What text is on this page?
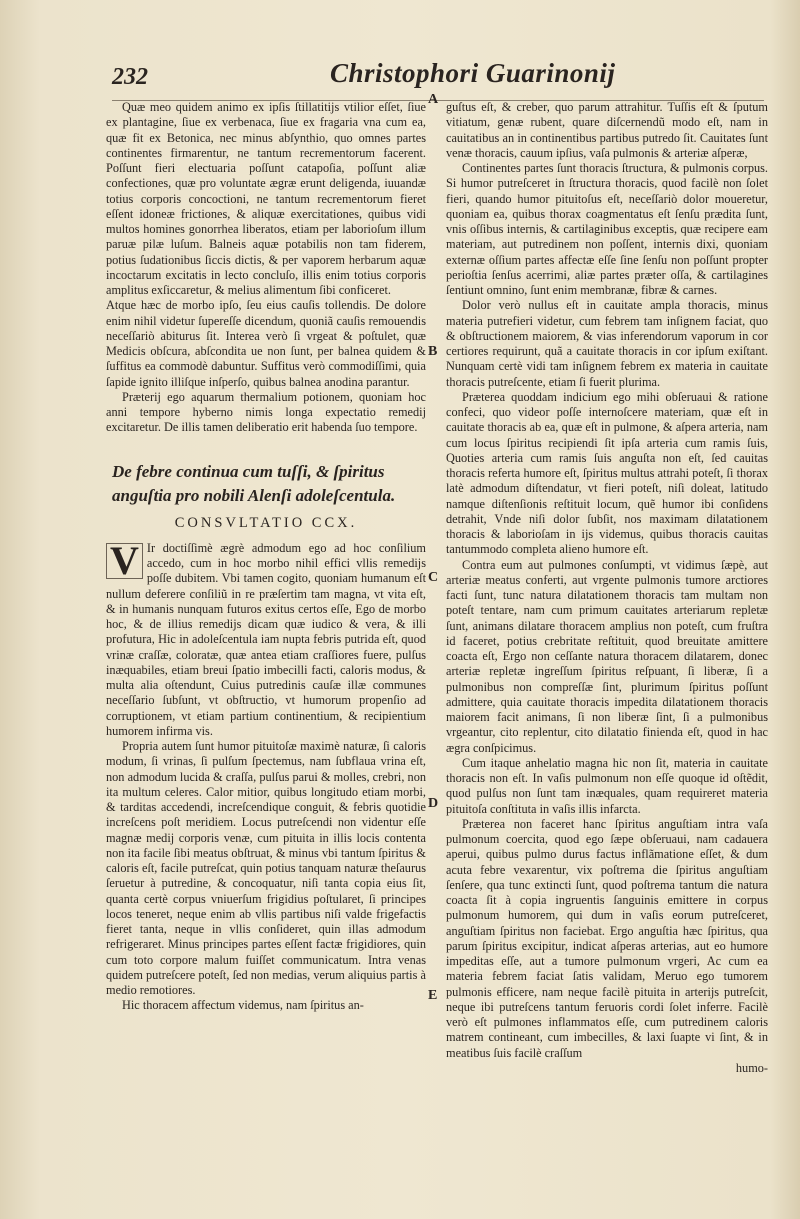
232	Christophori Guarinonij
A
B
C
D
E

Quæ meo quidem animo ex ipſis ſtillatitijs vtilior eſſet, ſiue ex plantagine, ſiue ex verbenaca, ſiue ex fragaria vna cum ea, quæ fit ex Betonica, nec minus abſynthio, quo omnes partes continentes firmarentur, ne tantum recrementorum facerent. Poſſunt fieri electuaria poſſunt catapoſia, poſſunt aliæ confectiones, quæ pro voluntate ægræ erunt deligenda, iuuandæ totius corporis concoctioni, ne tantum recrementorum fieret eſſent idoneæ frictiones, & aliquæ exercitationes, quibus vidi multos homines gonorrhea liberatos, etiam per laborioſum illum paruæ pilæ luſum. Balneis aquæ potabilis non tam fiderem, potius ſudationibus ſiccis dictis, & per vaporem herbarum aquæ incoctarum excitatis in lecto concluſo, illis enim totius corporis amplitus exſiccaretur, & melius alimentum ſibi conficeret.

Atque hæc de morbo ipſo, ſeu eius cauſis tollendis. De dolore enim nihil videtur ſupereſſe dicendum, quoniã cauſis remouendis neceſſariò abiturus ſit. Interea verò ſi vrgeat & poſtulet, quæ Medicis obſcura, abſcondita ue non ſunt, per balnea quidem & ſuffitus ea commodè dabuntur. Suffitus verò commodiſſimi, quia ſapide ignito illiſque inſperſo, quibus balnea anodina parantur.

Præterij ego aquarum thermalium potionem, quoniam hoc anni tempore hyberno nimis longa expectatio remedij excitaretur. De illis tamen deliberatio erit habenda ſuo tempore.

De febre continua cum tuſſi, & ſpiritus anguſtia pro nobili Alenſi adoleſcentula.
CONSVLTATIO CCX.

V Ir doctiſſimè ægrè admodum ego ad hoc conſilium accedo, cum in hoc morbo nihil effici vllis remedijs poſſe dubitem. Vbi tamen cogito, quoniam humanum eſt nullum deferere conſiliũ in re præſertim tam magna, vt vita eſt, & in humanis nunquam futuros exitus certos eſſe, Ego de morbo hoc, & de illius remedijs dicam quæ iudico & vera, & illi profutura, Hic in adoleſcentula iam nupta febris putrida eſt, quod vrinæ craſſæ, coloratæ, quæ antea etiam craſſiores fuere, pulſus inæquabiles, etiam breui ſpatio imbecilli facti, caloris modus, & multa alia oſtendunt, Cuius putredinis cauſæ illæ communes neceſſario ſubſunt, vt obſtructio, vt humorum propenſio ad corruptionem, vt etiam partium continentium, & recipientium humorem infirma vis.

Propria autem ſunt humor pituitoſæ maximè naturæ, ſi caloris modum, ſi vrinas, ſi pulſum ſpectemus, nam ſubflaua vrina eſt, non admodum lucida & craſſa, pulſus parui & molles, crebri, non ita multum celeres. Calor mitior, quibus longitudo etiam morbi, & tarditas accedendi, increſcendique conguit, & febris quotidie increſcens poſt meridiem. Locus putreſcendi non videntur eſſe magnæ medij corporis venæ, cum pituita in illis locis contenta non ita facile ſibi meatus obſtruat, & minus vbi tantum ſpiritus & caloris eſt, facile putreſcat, quin potius tanquam naturæ theſaurus ſeruetur à putredine, & concoquatur, niſi tanta copia eius ſit, quanta certè corpus vniuerſum frigidius poſtularet, ſi principes locos teneret, neque enim ab vllis partibus niſi valde frigefactis fieret tanta, neque in vllis conſideret, quin illas admodum refrigeraret. Minus principes partes eſſent factæ frigidiores, quin cum toto corpore malum fuiſſet communicatum. Intra venas quidem putreſcere poteſt, ſed non medias, verum aliquius partis à medio remotiores.

Hic thoracem affectum videmus, nam ſpiritus an-

guſtus eſt, & creber, quo parum attrahitur. Tuſſis eſt & ſputum vitiatum, genæ rubent, quare diſcernendũ modo eſt, nam in cauitatibus an in continentibus partibus putredo ſit. Cauitates ſunt venæ thoracis, cauum ipſius, vaſa pulmonis & arteriæ aſperæ,

Continentes partes ſunt thoracis ſtructura, & pulmonis corpus. Si humor putreſceret in ſtructura thoracis, quod facilè non ſolet fieri, quando humor pituitoſus eſt, neceſſariò dolor moueretur, quoniam ea, quibus thorax coagmentatus eſt ſenſu prædita ſunt, vnis oſſibus internis, & cartilaginibus exceptis, quæ recipere eam materiam, aut putredinem non poſſent, internis dixi, quoniam externæ oſſium partes affectæ eſſe ſine ſenſu non poſſunt propter perioſtia ſenſus acerrimi, aliæ partes præter oſſa, & cartilagines ſentiunt omnino, ſunt enim membranæ, fibræ & carnes.

Dolor verò nullus eſt in cauitate ampla thoracis, minus materia putrefieri videtur, cum febrem tam inſignem faciat, quo & obſtructionem maiorem, & vias inferendorum vaporum in cor certiores requirunt, quã a cauitate thoracis in cor ipſum exiſtant. Nunquam certè vidi tam inſignem febrem ex materia in cauitate thoracis putreſcente, etiam ſi fuerit plurima.

Præterea quoddam indicium ego mihi obſeruaui & ratione confeci, quo videor poſſe internoſcere materiam, quæ eſt in cauitate thoracis ab ea, quæ eſt in pulmone, & aſpera arteria, nam cum locus ſpiritus recipiendi ſit ipſa arteria cum ramis ſuis, Quoties arteria cum ramis ſuis anguſta non eſt, ſed cauitas thoracis referta humore eſt, ſpiritus multus attrahi poteſt, ſi thorax latè admodum diſtendatur, vt fieri poteſt, niſi doleat, latitudo namque diſtenſionis reſtituit locum, quẽ humor ibi conſidens detrahit, Vnde niſi dolor ſubſit, nos maximam dilatationem thoracis & laborioſam in ijs videmus, quibus thoracis cauitas tantummodo completa alieno humore eſt.

Contra eum aut pulmones conſumpti, vt vidimus ſæpè, aut arteriæ meatus conferti, aut vrgente pulmonis tumore arctiores facti ſunt, tunc natura dilatationem thoracis tam multam non poteſt tentare, nam cum primum cauitates arteriarum repletæ ſunt, animans dilatare thoracem amplius non poteſt, cum fruſtra id faceret, potius crebritate reſtituit, quod breuitate amittere coacta eſt, Ergo non ceſſante natura thoracem dilatarem, donec arteriæ repletæ ingreſſum ſpiritus reſpuant, ſi liberæ, ſi a pulmonibus non compreſſæ ſint, plurimum ſpiritus poſſunt admittere, quia cauitate thoracis impedita dilatationem thoracis maiorem facit animans, ſi non liberæ ſint, ſi a pulmonibus vrgeantur, cito replentur, cito dilatatio finienda eſt, quod in hac ægra conſpicimus.

Cum itaque anhelatio magna hic non ſit, materia in cauitate thoracis non eſt. In vaſis pulmonum non eſſe quoque id oſtẽdit, quod pulſus non ſunt tam inæquales, quam requireret materia pituitoſa conſtituta in vaſis illis infarcta.

Præterea non faceret hanc ſpiritus anguſtiam intra vaſa pulmonum coercita, quod ego ſæpe obſeruaui, nam cadauera aperui, quibus pulmo durus factus inflãmatione eſſet, & dum acuta febre vexarentur, vix poſtrema die ſpiritus anguſtiam ſenſere, qua tunc extincti ſunt, quod poſtrema tantum die natura coacta ſit à copia ingruentis ſanguinis emittere in corpus pulmonum humorem, qui dum in vaſis eorum putreſceret, anguſtiam ſpiritus non faciebat. Ergo anguſtia hæc ſpiritus, qua parum ſpiritus excipitur, indicat aſperas arterias, aut eo humore impeditas eſſe, aut a tumore pulmonum vrgeri, Ac cum ea materia febrem faciat ſatis validam, Meruo ego tumorem pulmonis efficere, nam neque facilè pituita in arterijs putreſcit, neque ibi putreſcens tantum feruoris cordi ſolet inferre. Facilè verò eſt pulmones inflammatos eſſe, cum putredinem caloris matrem contineant, cum imbecilles, & laxi ſuapte vi ſint, & in meatibus ſuis facilè craſſum

humo-
